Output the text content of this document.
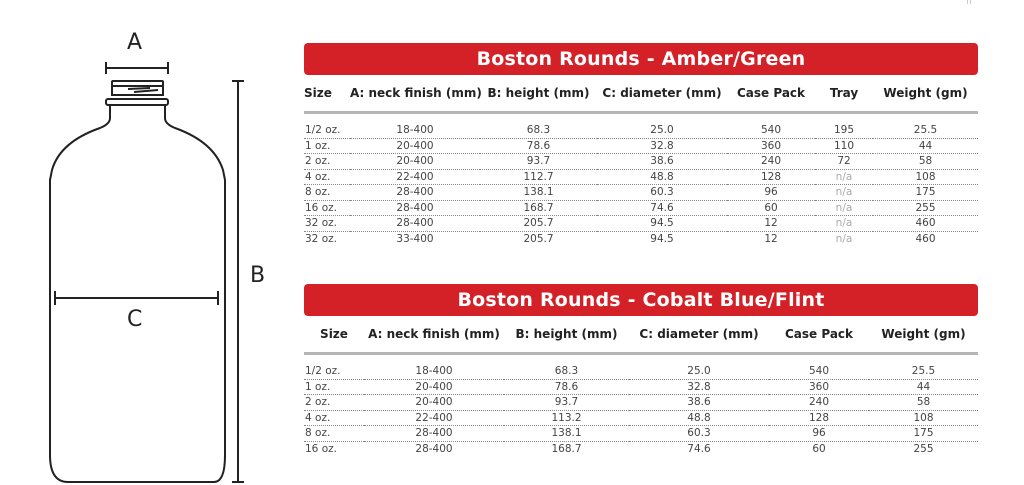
A
B
C
Boston Rounds - Amber/Green
Size	A: neck finish (mm)	B: height (mm)	C: diameter (mm)	Case Pack	Tray	Weight (gm)

1/2 oz.	18-400	68.3	25.0	540	195	25.5
1 oz.	20-400	78.6	32.8	360	110	44
2 oz.	20-400	93.7	38.6	240	72	58
4 oz.	22-400	112.7	48.8	128	n/a	108
8 oz.	28-400	138.1	60.3	96	n/a	175
16 oz.	28-400	168.7	74.6	60	n/a	255
32 oz.	28-400	205.7	94.5	12	n/a	460
32 oz.	33-400	205.7	94.5	12	n/a	460
Boston Rounds - Cobalt Blue/Flint
Size	A: neck finish (mm)	B: height (mm)	C: diameter (mm)	Case Pack	Weight (gm)

1/2 oz.	18-400	68.3	25.0	540	25.5
1 oz.	20-400	78.6	32.8	360	44
2 oz.	20-400	93.7	38.6	240	58
4 oz.	22-400	113.2	48.8	128	108
8 oz.	28-400	138.1	60.3	96	175
16 oz.	28-400	168.7	74.6	60	255
